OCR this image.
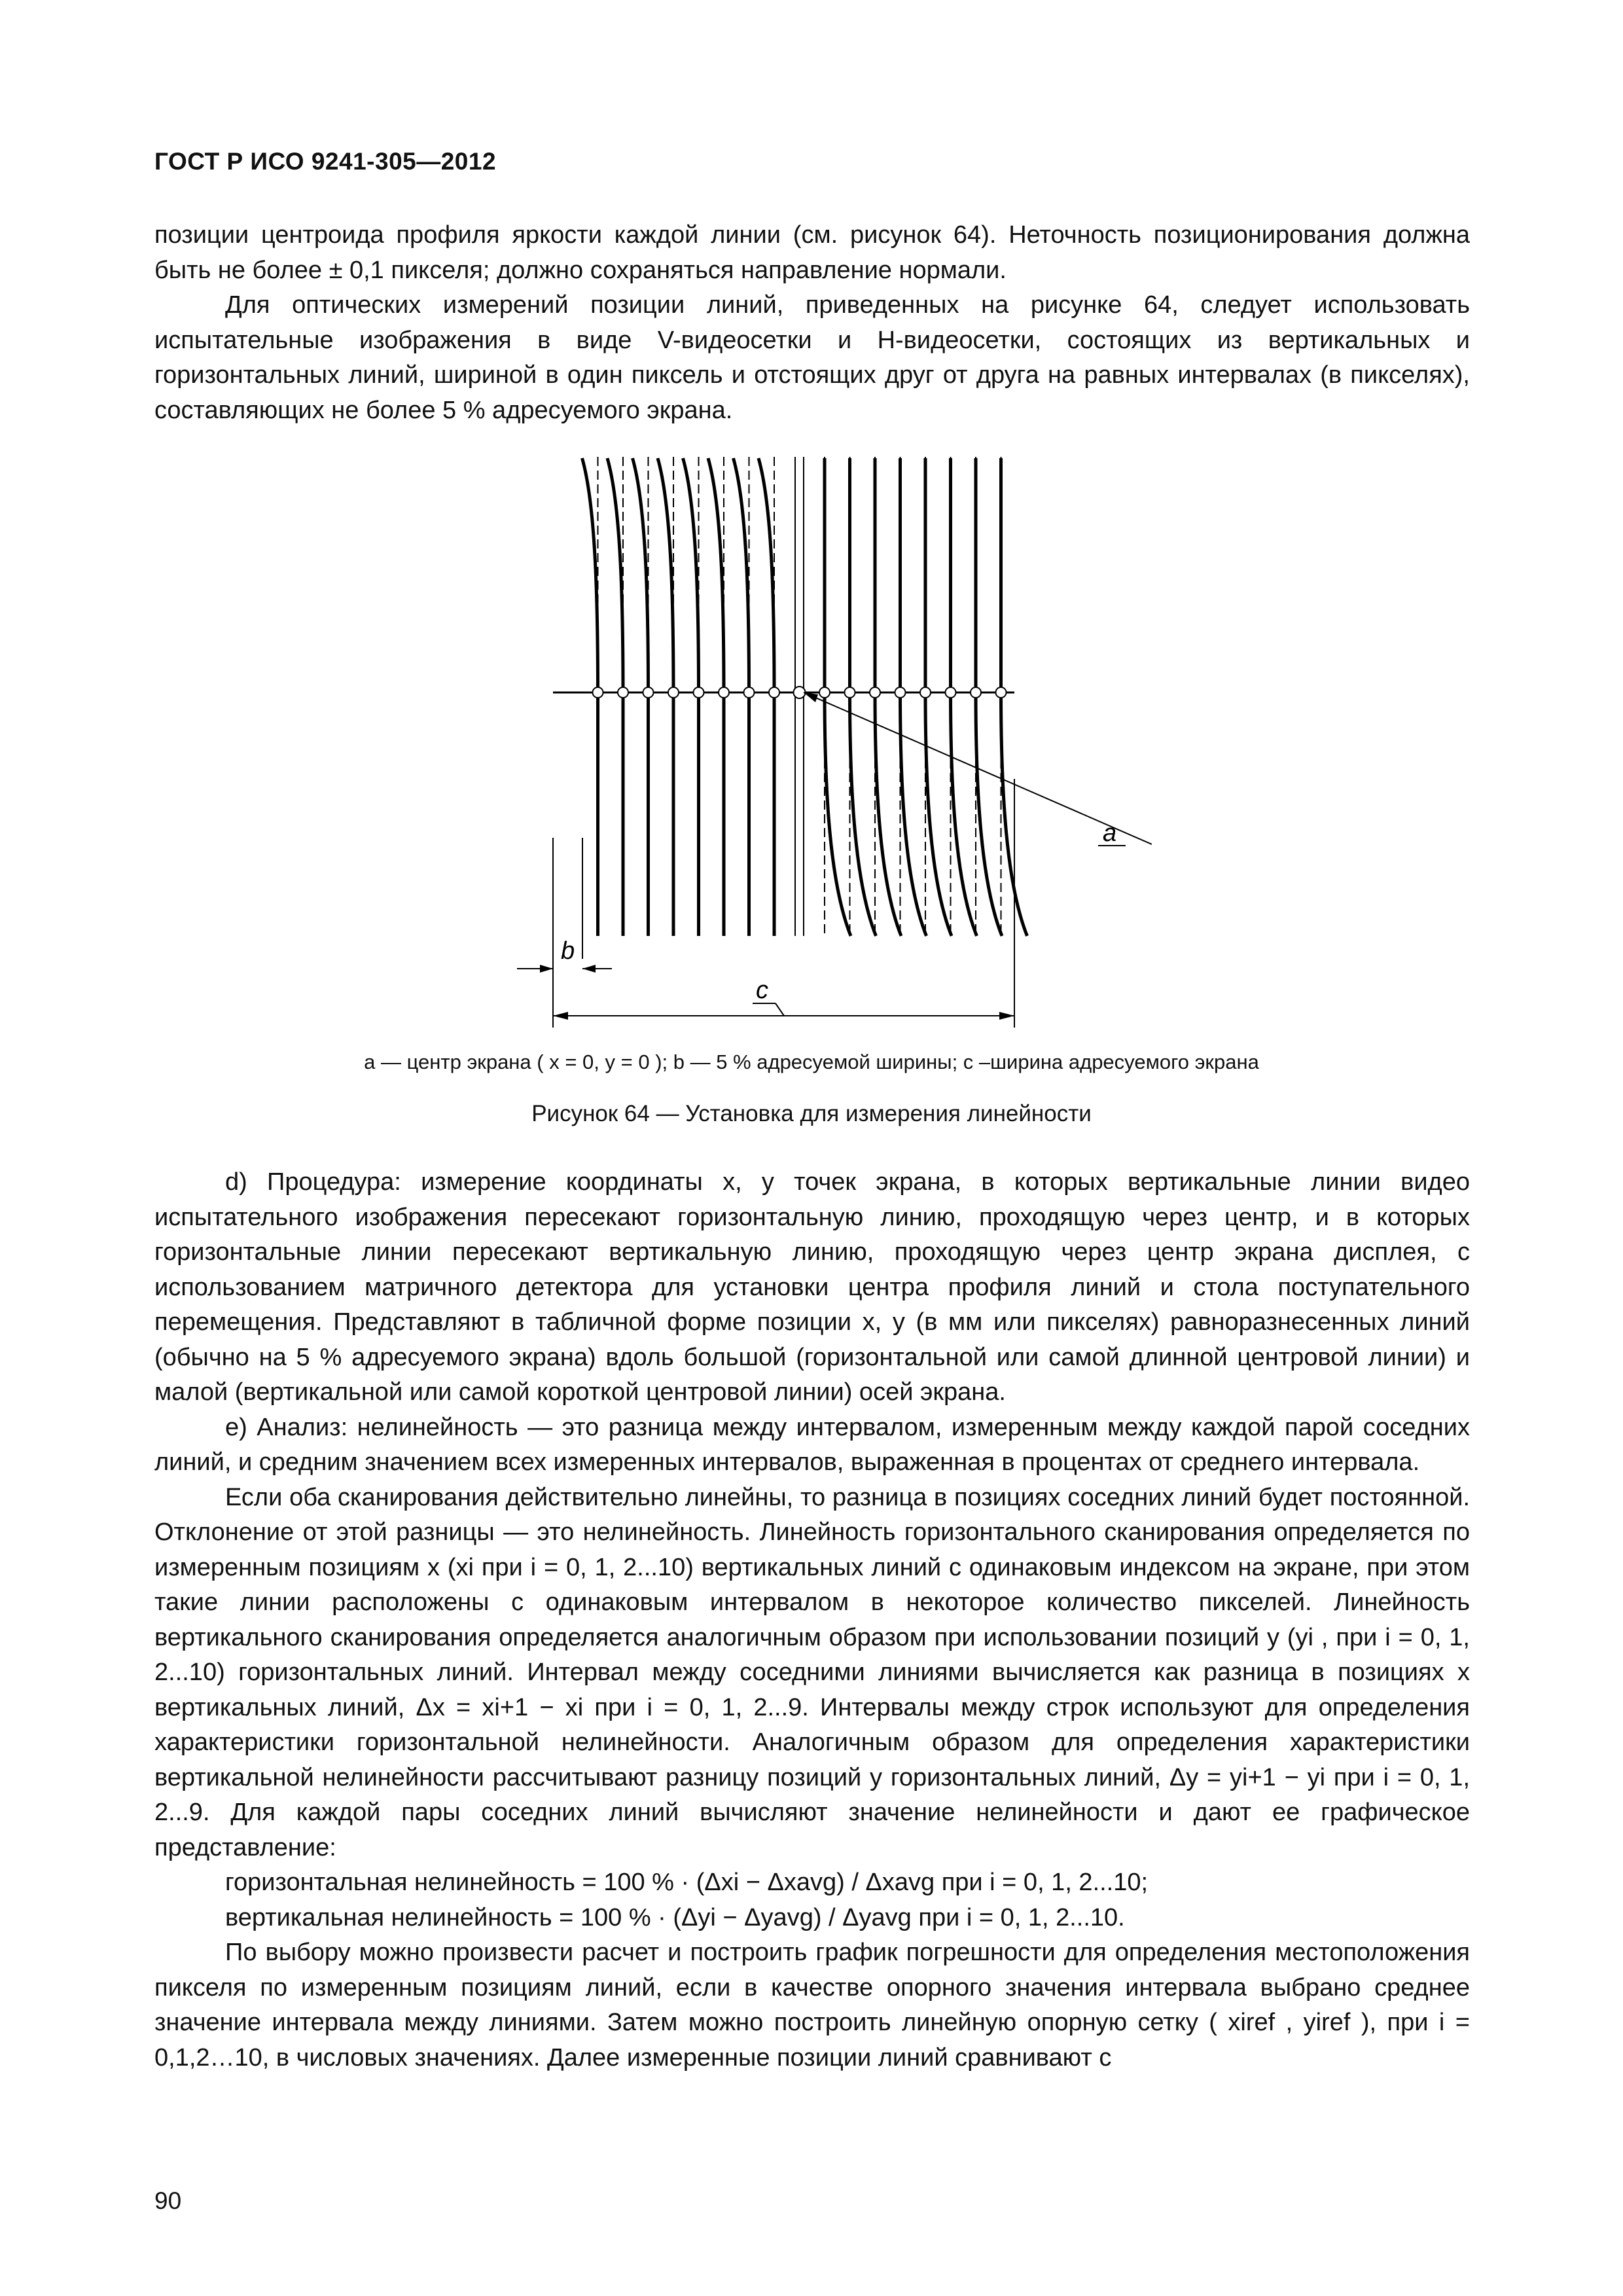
ГОСТ Р ИСО 9241-305—2012

позиции центроида профиля яркости каждой линии (см. рисунок 64). Неточность позиционирования должна быть не более ± 0,1 пикселя; должно сохраняться направление нормали.

Для оптических измерений позиции линий, приведенных на рисунке 64, следует использовать испытательные изображения в виде V-видеосетки и H-видеосетки, состоящих из вертикальных и горизонтальных линий, шириной в один пиксель и отстоящих друг от друга на равных интервалах (в пикселях), составляющих не более 5 % адресуемого экрана.

a
b
c
a — центр экрана ( x = 0, y = 0 ); b — 5 % адресуемой ширины; c –ширина адресуемого экрана
Рисунок 64 — Установка для измерения линейности

d) Процедура: измерение координаты x, y точек экрана, в которых вертикальные линии видео испытательного изображения пересекают горизонтальную линию, проходящую через центр, и в которых горизонтальные линии пересекают вертикальную линию, проходящую через центр экрана дисплея, с использованием матричного детектора для установки центра профиля линий и стола поступательного перемещения. Представляют в табличной форме позиции x, y (в мм или пикселях) равноразнесенных линий (обычно на 5 % адресуемого экрана) вдоль большой (горизонтальной или самой длинной центровой линии) и малой (вертикальной или самой короткой центровой линии) осей экрана.

e) Анализ: нелинейность — это разница между интервалом, измеренным между каждой парой соседних линий, и средним значением всех измеренных интервалов, выраженная в процентах от среднего интервала.

Если оба сканирования действительно линейны, то разница в позициях соседних линий будет постоянной. Отклонение от этой разницы — это нелинейность. Линейность горизонтального сканирования определяется по измеренным позициям x (xi при i = 0, 1, 2...10) вертикальных линий с одинаковым индексом на экране, при этом такие линии расположены с одинаковым интервалом в некоторое количество пикселей. Линейность вертикального сканирования определяется аналогичным образом при использовании позиций y (yi , при i = 0, 1, 2...10) горизонтальных линий. Интервал между соседними линиями вычисляется как разница в позициях x вертикальных линий, Δx = xi+1 − xi при i = 0, 1, 2...9. Интервалы между строк используют для определения характеристики горизонтальной нелинейности. Аналогичным образом для определения характеристики вертикальной нелинейности рассчитывают разницу позиций y горизонтальных линий, Δy = yi+1 − yi при i = 0, 1, 2...9. Для каждой пары соседних линий вычисляют значение нелинейности и дают ее графическое представление:

горизонтальная нелинейность = 100 % · (Δxi − Δxavg) / Δxavg при i = 0, 1, 2...10;
вертикальная нелинейность = 100 % · (Δyi − Δyavg) / Δyavg при i = 0, 1, 2...10.

По выбору можно произвести расчет и построить график погрешности для определения местоположения пикселя по измеренным позициям линий, если в качестве опорного значения интервала выбрано среднее значение интервала между линиями. Затем можно построить линейную опорную сетку ( xiref , yiref ), при i = 0,1,2…10, в числовых значениях. Далее измеренные позиции линий сравнивают с

90
